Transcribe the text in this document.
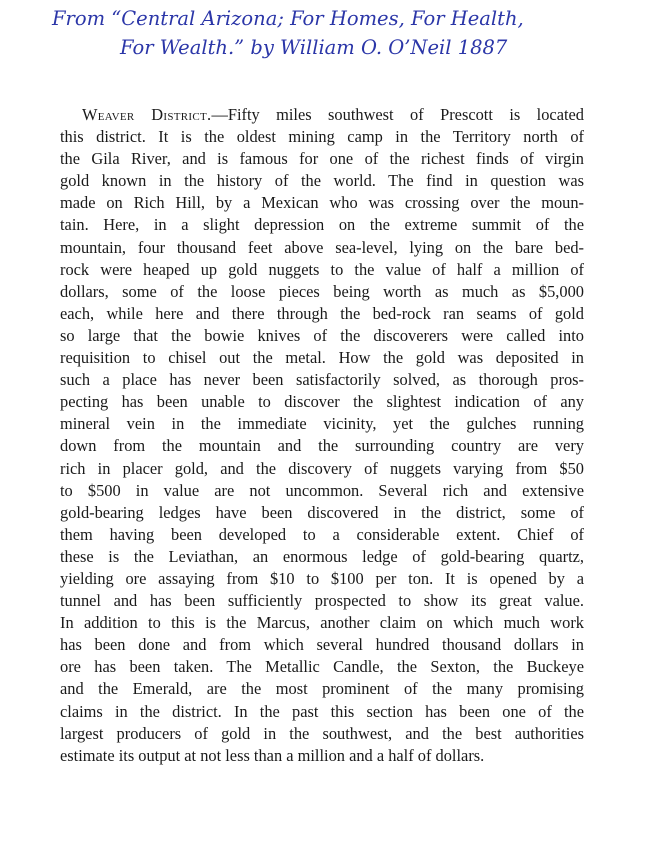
From “Central Arizona; For Homes, For Health,
For Wealth.” by William O. O’Neil 1887
Weaver District.—Fifty miles southwest of Prescott is located
this district. It is the oldest mining camp in the Territory north of
the Gila River, and is famous for one of the richest finds of virgin
gold known in the history of the world. The find in question was
made on Rich Hill, by a Mexican who was crossing over the moun-
tain. Here, in a slight depression on the extreme summit of the
mountain, four thousand feet above sea-level, lying on the bare bed-
rock were heaped up gold nuggets to the value of half a million of
dollars, some of the loose pieces being worth as much as $5,000
each, while here and there through the bed-rock ran seams of gold
so large that the bowie knives of the discoverers were called into
requisition to chisel out the metal. How the gold was deposited in
such a place has never been satisfactorily solved, as thorough pros-
pecting has been unable to discover the slightest indication of any
mineral vein in the immediate vicinity, yet the gulches running
down from the mountain and the surrounding country are very
rich in placer gold, and the discovery of nuggets varying from $50
to $500 in value are not uncommon. Several rich and extensive
gold-bearing ledges have been discovered in the district, some of
them having been developed to a considerable extent. Chief of
these is the Leviathan, an enormous ledge of gold-bearing quartz,
yielding ore assaying from $10 to $100 per ton. It is opened by a
tunnel and has been sufficiently prospected to show its great value.
In addition to this is the Marcus, another claim on which much work
has been done and from which several hundred thousand dollars in
ore has been taken. The Metallic Candle, the Sexton, the Buckeye
and the Emerald, are the most prominent of the many promising
claims in the district. In the past this section has been one of the
largest producers of gold in the southwest, and the best authorities
estimate its output at not less than a million and a half of dollars.
